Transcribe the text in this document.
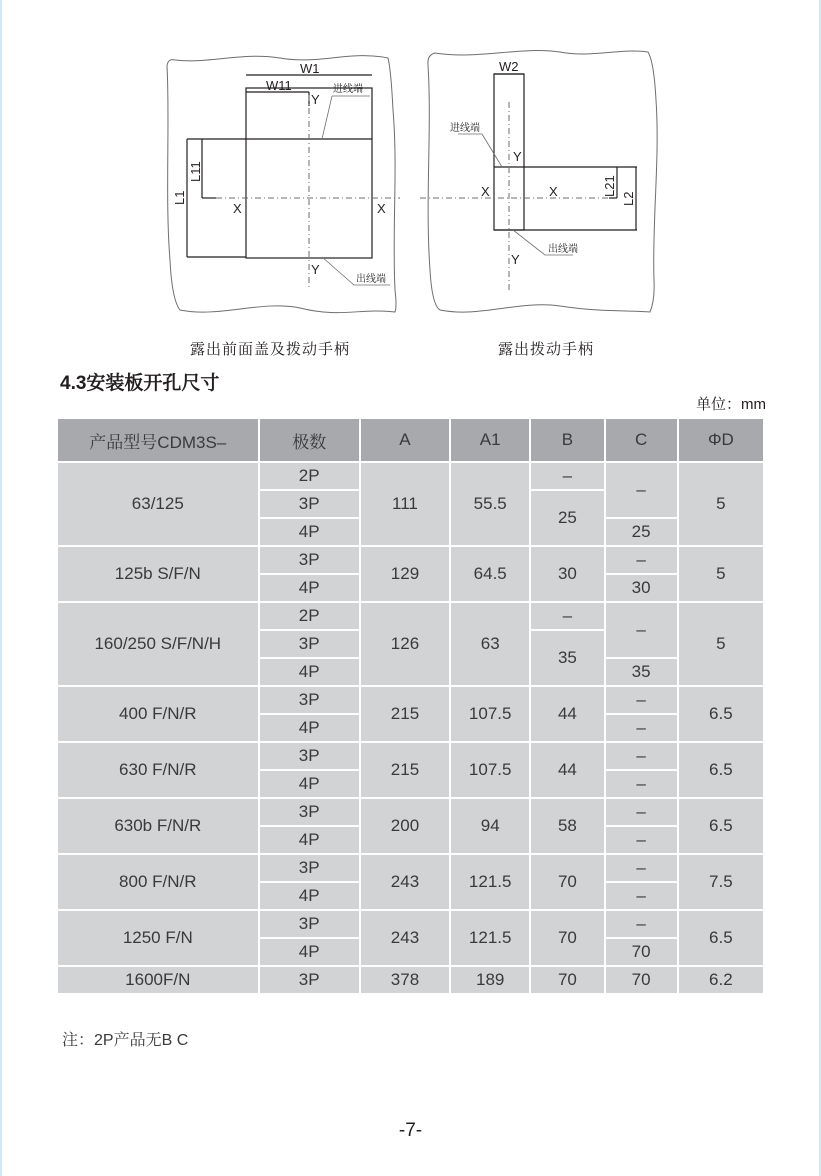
W1
W11
Y
Y
X	X
进线端
出线端
L1
L11
W2
Y
Y
X	X
进线端
出线端
L21
L2
露出前面盖及拨动手柄	露出拨动手柄
4.3安装板开孔尺寸
单位：mm
产品型号CDM3S–	极数	A	A1	B	C	ΦD
63/125	2P	111	55.5	–	–	5
	3P			25		
	4P				25	
125b S/F/N	3P	129	64.5	30	–	5
	4P				30	
160/250 S/F/N/H	2P	126	63	–	–	5
	3P			35		
	4P				35	
400 F/N/R	3P	215	107.5	44	–	6.5
	4P				–	
630 F/N/R	3P	215	107.5	44	–	6.5
	4P				–	
630b F/N/R	3P	200	94	58	–	6.5
	4P				–	
800 F/N/R	3P	243	121.5	70	–	7.5
	4P				–	
1250 F/N	3P	243	121.5	70	–	6.5
	4P				70	
1600F/N	3P	378	189	70	70	6.2
注：2P产品无B C
-7-
